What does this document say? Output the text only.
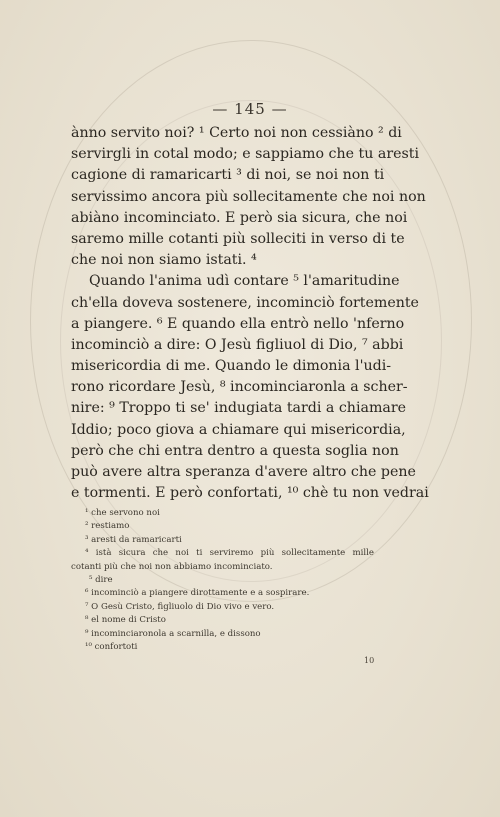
— 145 —
ànno servito noi? ¹ Certo noi non cessiàno ² di
servirgli in cotal modo; e sappiamo che tu aresti
cagione di ramaricarti ³ di noi, se noi non ti
servissimo ancora più sollecitamente che noi non
abiàno incominciato. E però sia sicura, che noi
saremo mille cotanti più solleciti in verso di te
che noi non siamo istati. ⁴
Quando l'anima udì contare ⁵ l'amaritudine
ch'ella doveva sostenere, incominciò fortemente
a piangere. ⁶ E quando ella entrò nello 'nferno
incominciò a dire: O Jesù figliuol di Dio, ⁷ abbi
misericordia di me. Quando le dimonia l'udi-
rono ricordare Jesù, ⁸ incominciaronla a scher-
nire: ⁹ Troppo ti se' indugiata tardi a chiamare
Iddio; poco giova a chiamare qui misericordia,
però che chi entra dentro a questa soglia non
può avere altra speranza d'avere altro che pene
e tormenti. E però confortati, ¹⁰ chè tu non vedrai
¹ che servono noi
² restiamo
³ aresti da ramaricarti
⁴ istà sicura che noi ti serviremo più sollecitamente mille
cotanti più che noi non abbiamo incominciato.
⁵ dire
⁶ incominciò a piangere dirottamente e a sospirare.
⁷ O Gesù Cristo, figliuolo di Dio vivo e vero.
⁸ el nome di Cristo
⁹ incominciaronola a scarnilla, e dissono
¹⁰ confortoti
10
